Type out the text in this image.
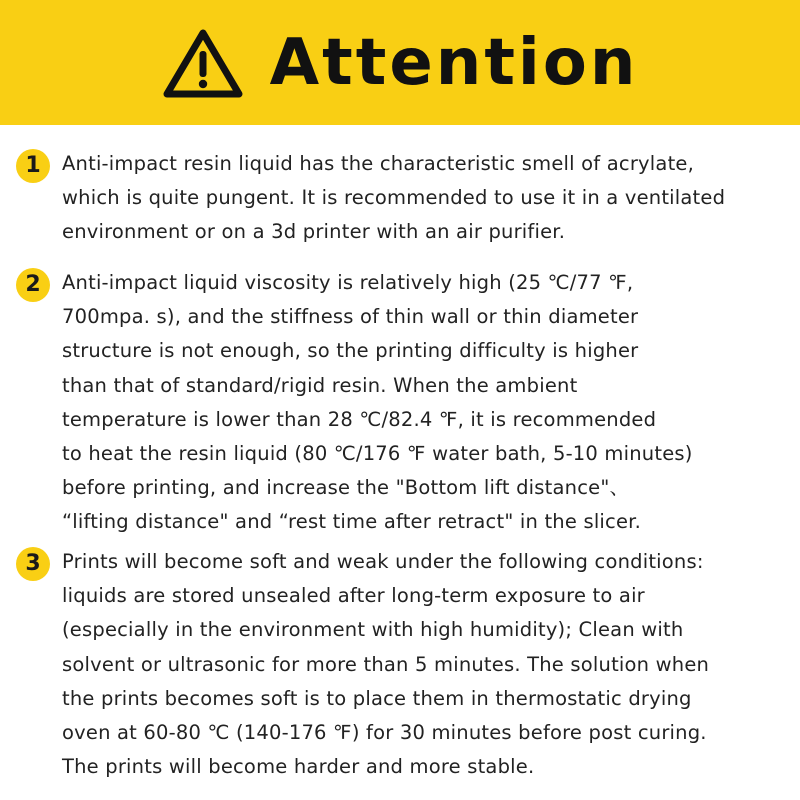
Attention
1	Anti-impact resin liquid has the characteristic smell of acrylate,
which is quite pungent. It is recommended to use it in a ventilated
environment or on a 3d printer with an air purifier.
2	Anti-impact liquid viscosity is relatively high (25 ℃/77 ℉,
700mpa. s), and the stiffness of thin wall or thin diameter
structure is not enough, so the printing difficulty is higher
than that of standard/rigid resin. When the ambient
temperature is lower than 28 ℃/82.4 ℉, it is recommended
to heat the resin liquid (80 ℃/176 ℉ water bath, 5-10 minutes)
before printing, and increase the "Bottom lift distance"、
“lifting distance" and “rest time after retract" in the slicer.
3	Prints will become soft and weak under the following conditions:
liquids are stored unsealed after long-term exposure to air
(especially in the environment with high humidity); Clean with
solvent or ultrasonic for more than 5 minutes. The solution when
the prints becomes soft is to place them in thermostatic drying
oven at 60-80 ℃ (140-176 ℉) for 30 minutes before post curing.
The prints will become harder and more stable.
